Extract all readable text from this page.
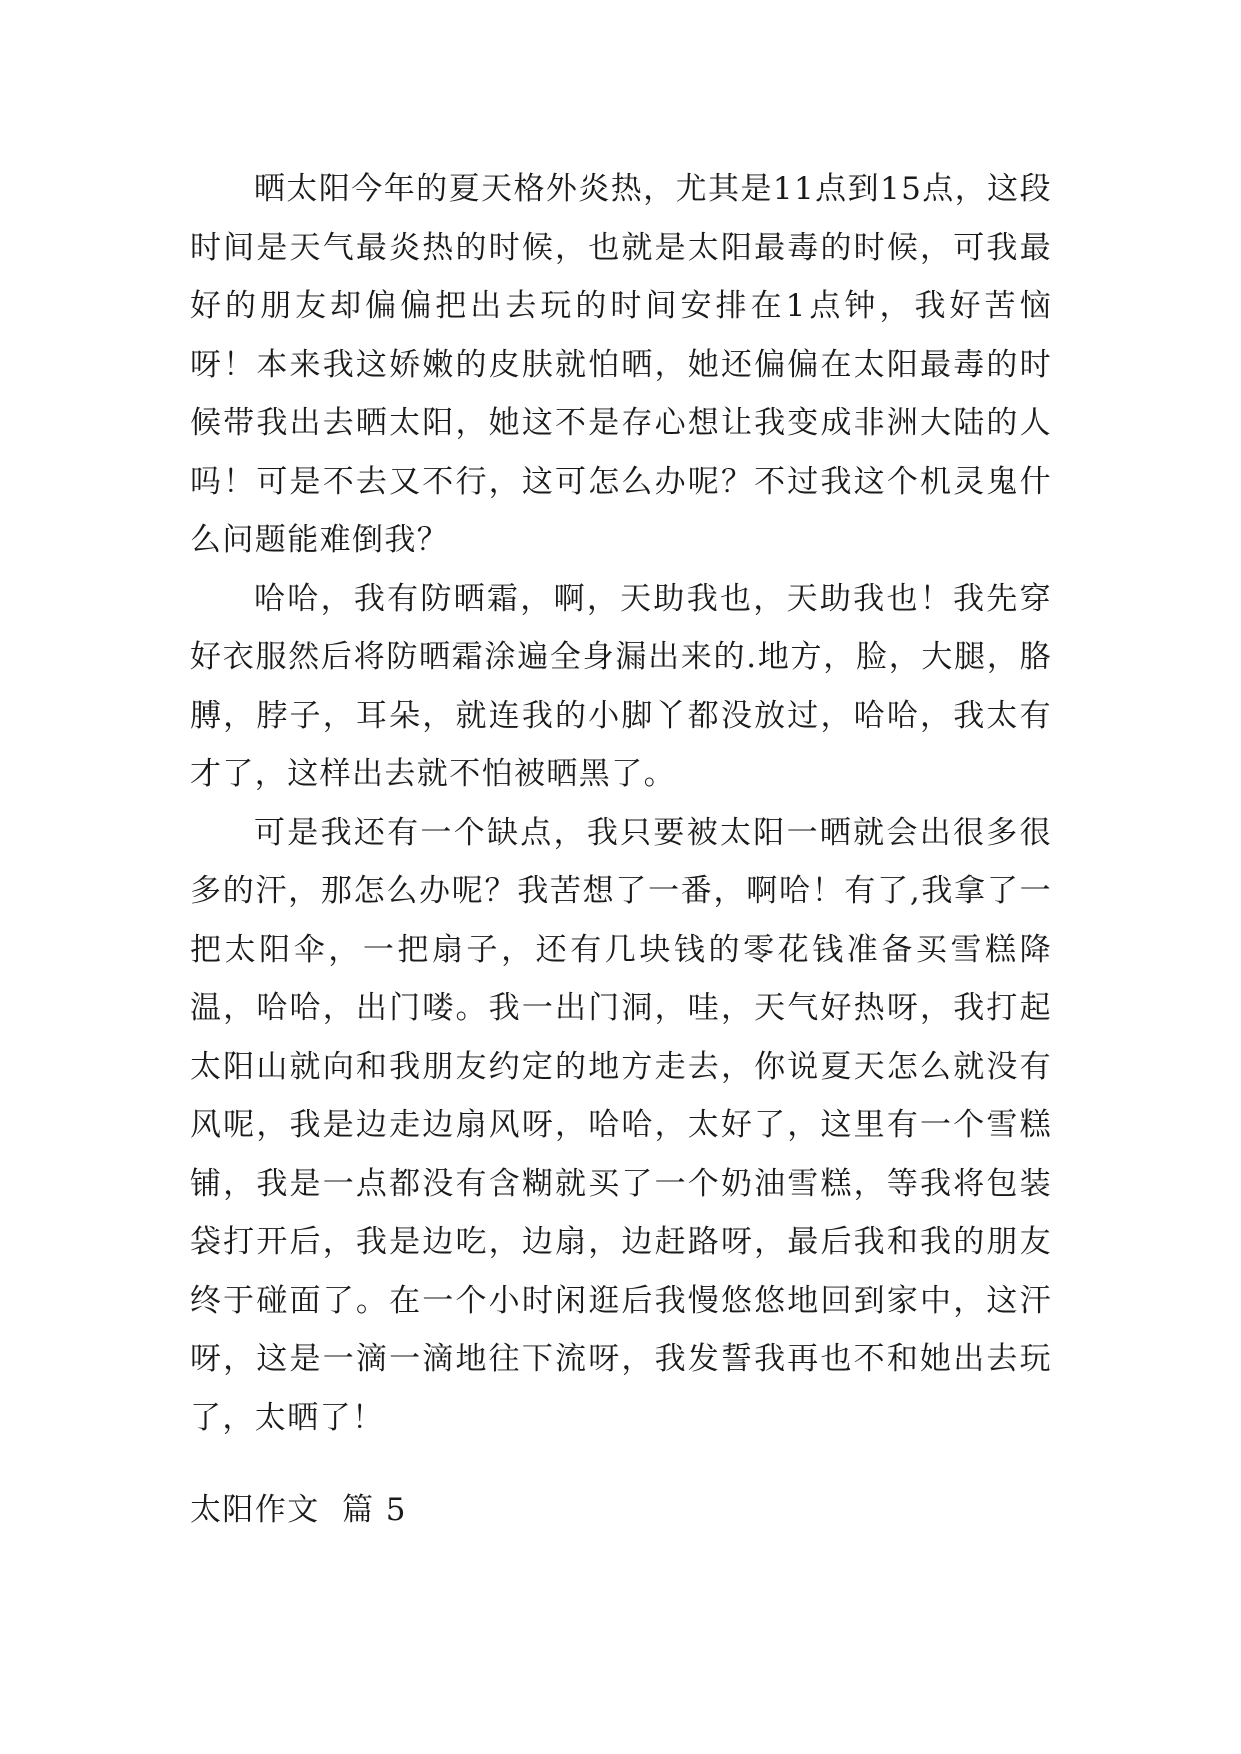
晒太阳今年的夏天格外炎热，尤其是11点到15点，这段时间是天气最炎热的时候，也就是太阳最毒的时候，可我最好的朋友却偏偏把出去玩的时间安排在1点钟，我好苦恼呀！本来我这娇嫩的皮肤就怕晒，她还偏偏在太阳最毒的时候带我出去晒太阳，她这不是存心想让我变成非洲大陆的人吗！可是不去又不行，这可怎么办呢？不过我这个机灵鬼什么问题能难倒我？

哈哈，我有防晒霜，啊，天助我也，天助我也！我先穿好衣服然后将防晒霜涂遍全身漏出来的.地方，脸，大腿，胳膊，脖子，耳朵，就连我的小脚丫都没放过，哈哈，我太有才了，这样出去就不怕被晒黑了。

可是我还有一个缺点，我只要被太阳一晒就会出很多很多的汗，那怎么办呢？我苦想了一番，啊哈！有了,我拿了一把太阳伞，一把扇子，还有几块钱的零花钱准备买雪糕降温，哈哈，出门喽。我一出门洞，哇，天气好热呀，我打起太阳山就向和我朋友约定的地方走去，你说夏天怎么就没有风呢，我是边走边扇风呀，哈哈，太好了，这里有一个雪糕铺，我是一点都没有含糊就买了一个奶油雪糕，等我将包装袋打开后，我是边吃，边扇，边赶路呀，最后我和我的朋友终于碰面了。在一个小时闲逛后我慢悠悠地回到家中，这汗呀，这是一滴一滴地往下流呀，我发誓我再也不和她出去玩了，太晒了！

太阳作文  篇 5
